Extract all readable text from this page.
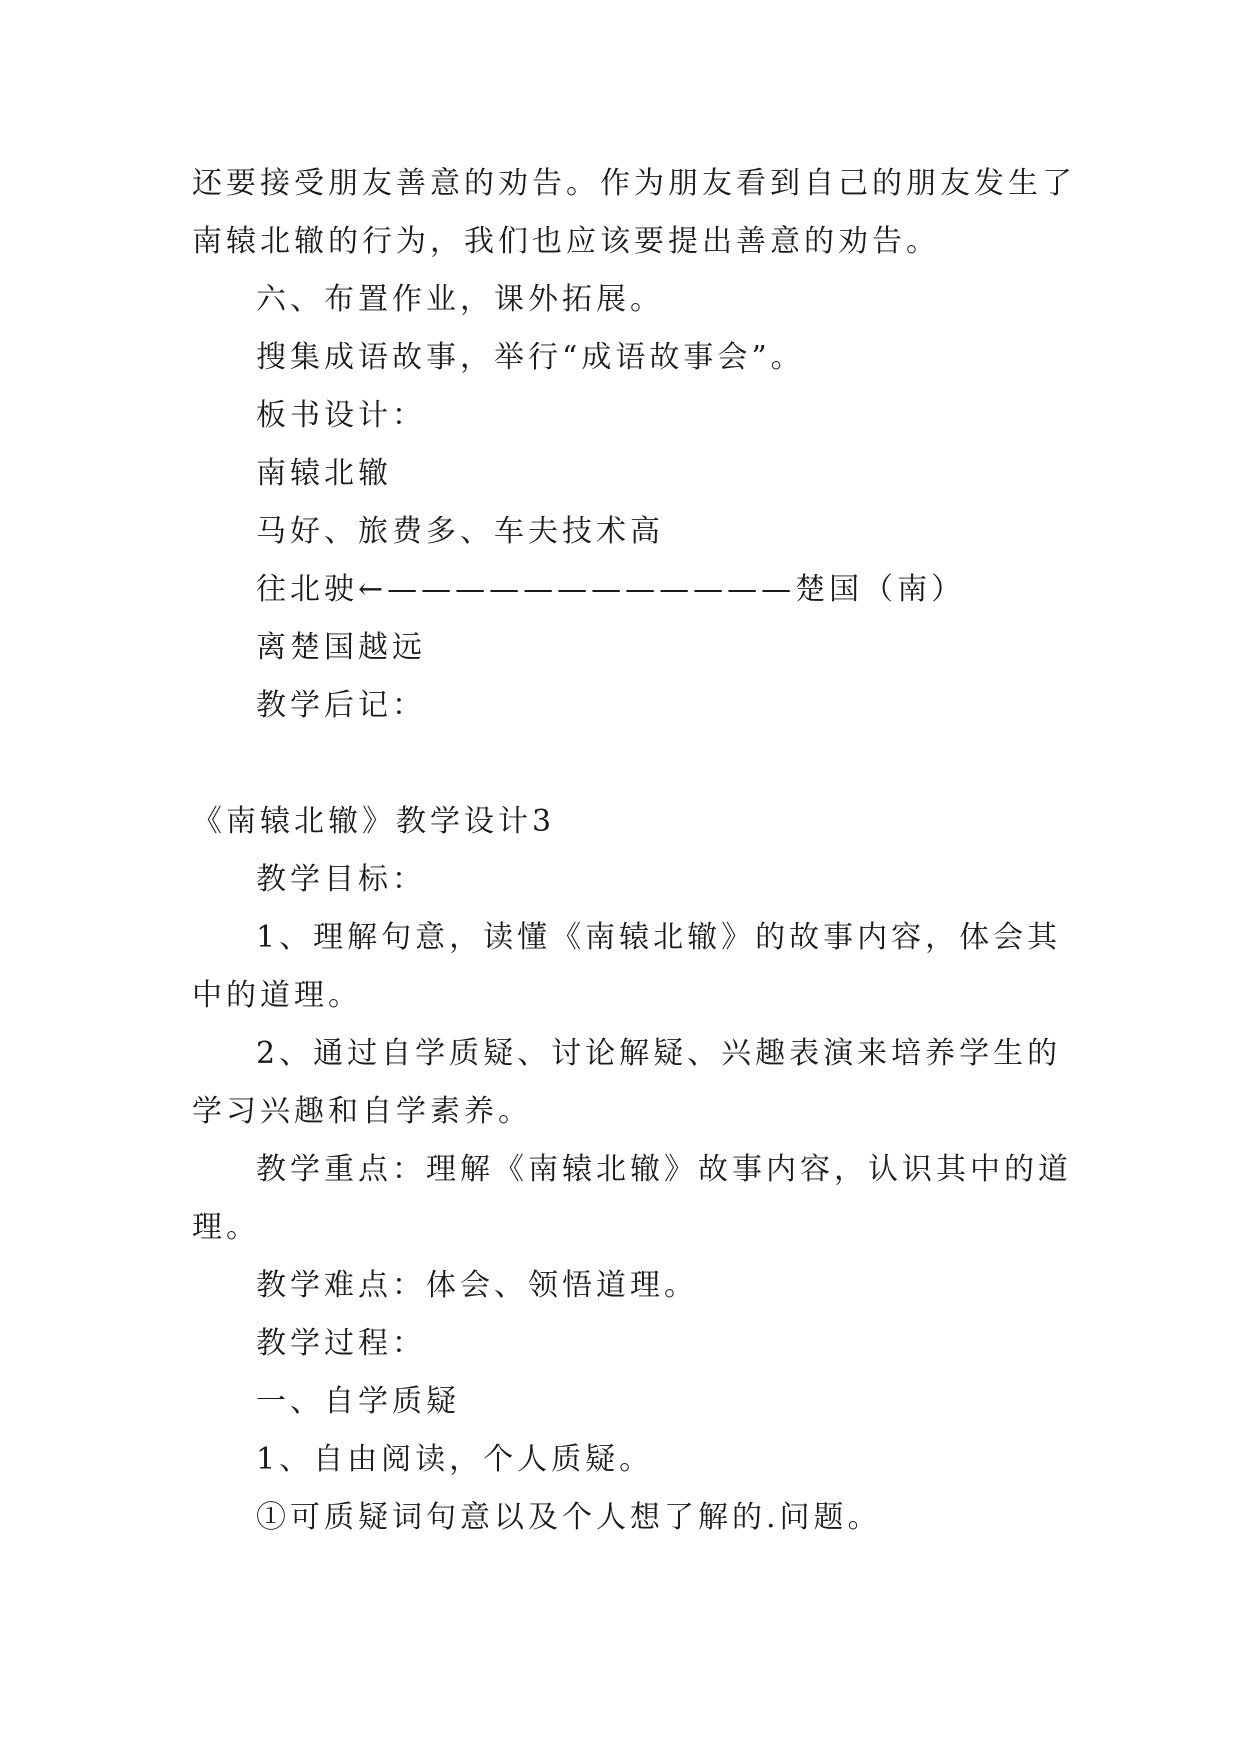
还要接受朋友善意的劝告。作为朋友看到自己的朋友发生了
南辕北辙的行为，我们也应该要提出善意的劝告。
六、布置作业，课外拓展。
搜集成语故事，举行“成语故事会”。
板书设计：
南辕北辙
马好、旅费多、车夫技术高
往北驶←————————————楚国（南）
离楚国越远
教学后记：
《南辕北辙》教学设计3
教学目标：
1、理解句意，读懂《南辕北辙》的故事内容，体会其
中的道理。
2、通过自学质疑、讨论解疑、兴趣表演来培养学生的
学习兴趣和自学素养。
教学重点：理解《南辕北辙》故事内容，认识其中的道
理。
教学难点：体会、领悟道理。
教学过程：
一、自学质疑
1、自由阅读，个人质疑。
①可质疑词句意以及个人想了解的.问题。
